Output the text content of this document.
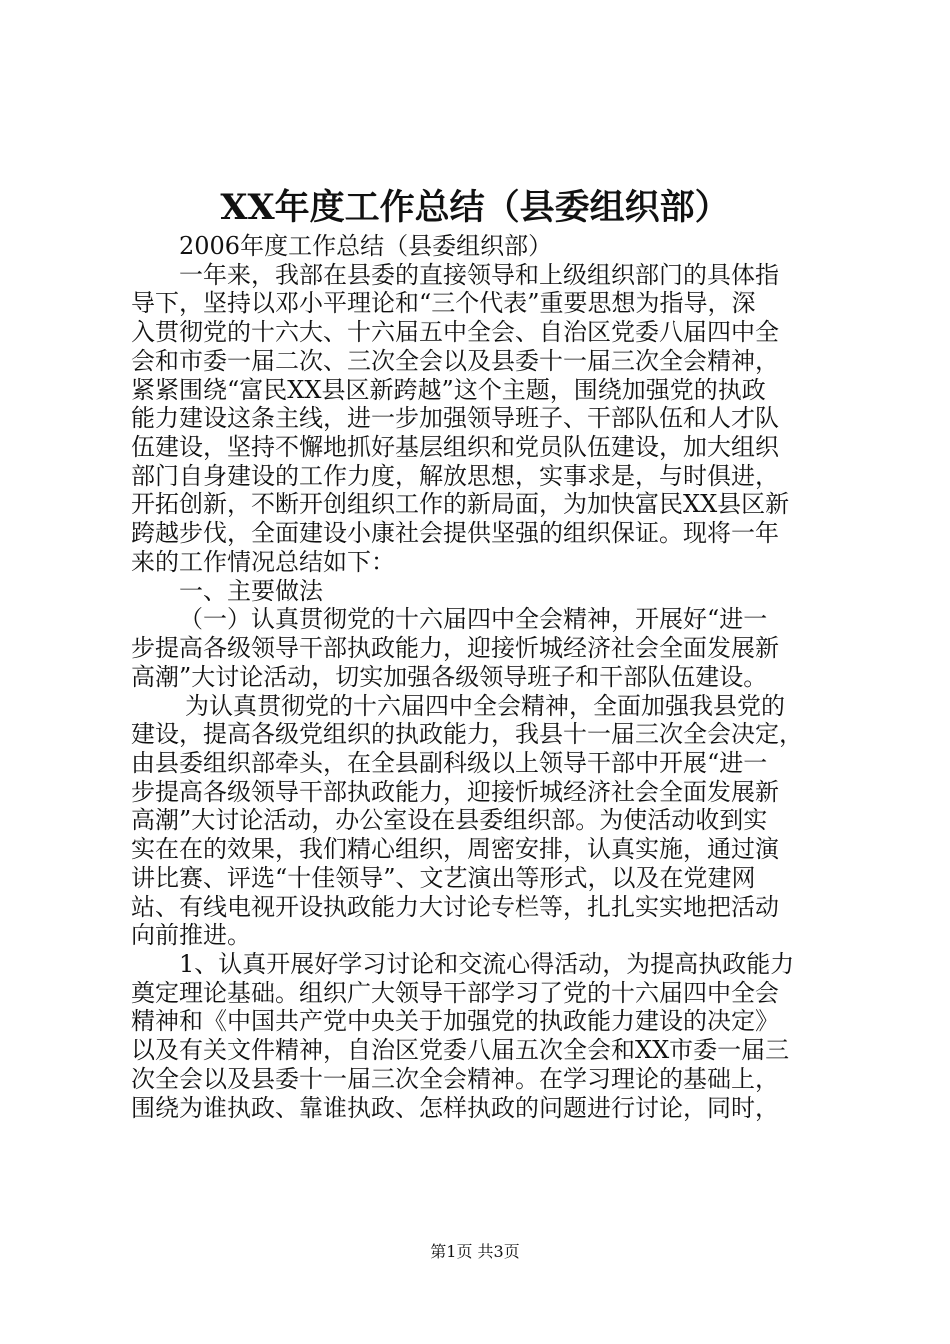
XX年度工作总结（县委组织部）
2006年度工作总结（县委组织部）
一年来，我部在县委的直接领导和上级组织部门的具体指
导下，坚持以邓小平理论和“三个代表”重要思想为指导，深
入贯彻党的十六大、十六届五中全会、自治区党委八届四中全
会和市委一届二次、三次全会以及县委十一届三次全会精神，
紧紧围绕“富民XX县区新跨越”这个主题，围绕加强党的执政
能力建设这条主线，进一步加强领导班子、干部队伍和人才队
伍建设，坚持不懈地抓好基层组织和党员队伍建设，加大组织
部门自身建设的工作力度，解放思想，实事求是，与时俱进，
开拓创新，不断开创组织工作的新局面，为加快富民XX县区新
跨越步伐，全面建设小康社会提供坚强的组织保证。现将一年
来的工作情况总结如下：
一、主要做法
（一）认真贯彻党的十六届四中全会精神，开展好“进一
步提高各级领导干部执政能力，迎接忻城经济社会全面发展新
高潮”大讨论活动，切实加强各级领导班子和干部队伍建设。
为认真贯彻党的十六届四中全会精神，全面加强我县党的
建设，提高各级党组织的执政能力，我县十一届三次全会决定，
由县委组织部牵头，在全县副科级以上领导干部中开展“进一
步提高各级领导干部执政能力，迎接忻城经济社会全面发展新
高潮”大讨论活动，办公室设在县委组织部。为使活动收到实
实在在的效果，我们精心组织，周密安排，认真实施，通过演
讲比赛、评选“十佳领导”、文艺演出等形式，以及在党建网
站、有线电视开设执政能力大讨论专栏等，扎扎实实地把活动
向前推进。
1、认真开展好学习讨论和交流心得活动，为提高执政能力
奠定理论基础。组织广大领导干部学习了党的十六届四中全会
精神和《中国共产党中央关于加强党的执政能力建设的决定》
以及有关文件精神，自治区党委八届五次全会和XX市委一届三
次全会以及县委十一届三次全会精神。在学习理论的基础上，
围绕为谁执政、靠谁执政、怎样执政的问题进行讨论，同时，
第1页 共3页
